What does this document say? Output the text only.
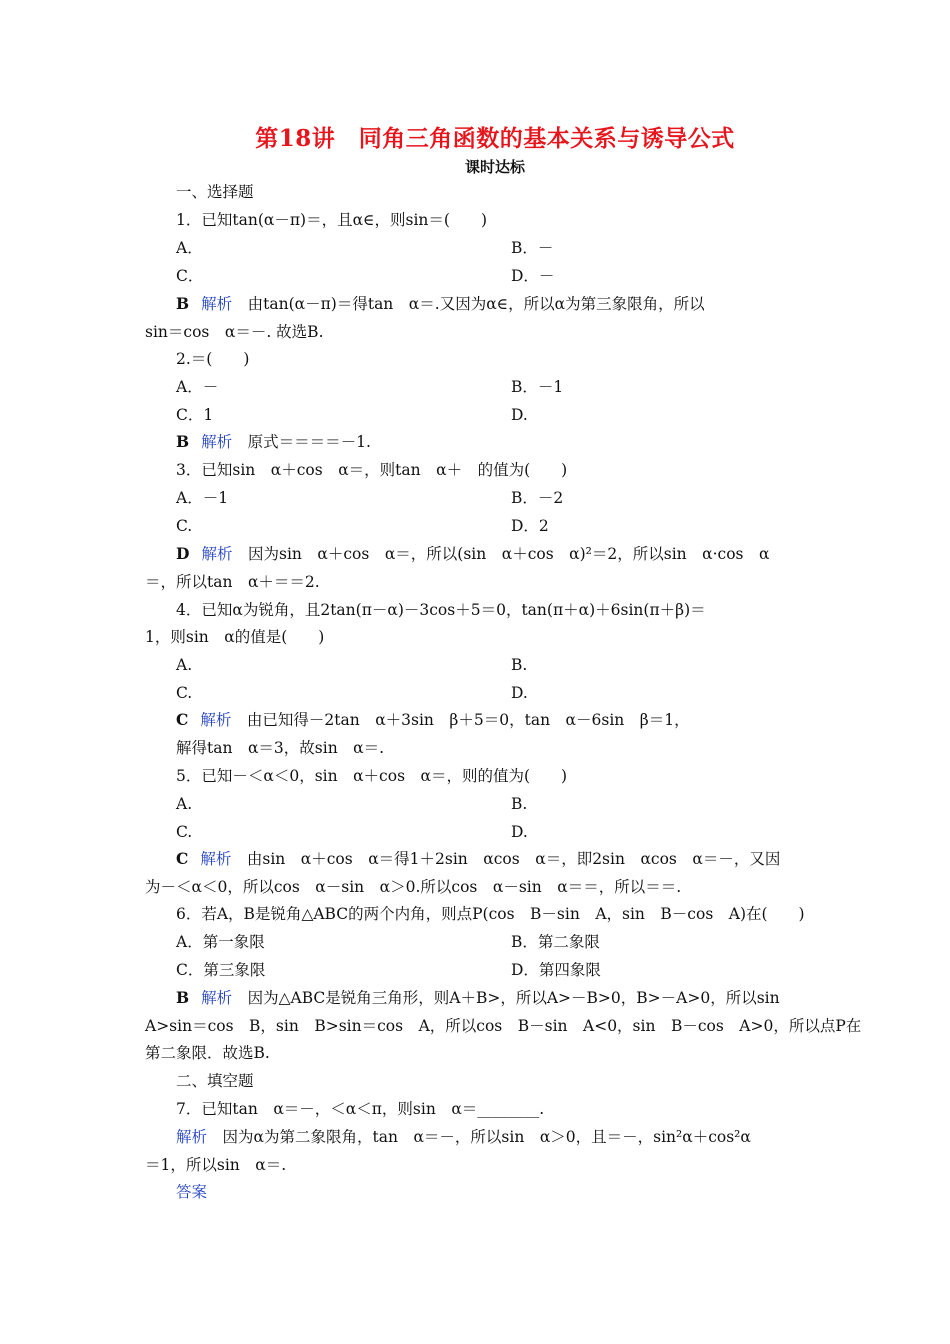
第18讲　同角三角函数的基本关系与诱导公式
课时达标
一、选择题
1．已知tan(α－π)＝，且α∈，则sin＝(　　)
A．	B．－
C．	D．－
B 解析　 由tan(α－π)＝得tan　α＝.又因为α∈，所以α为第三象限角，所以
sin＝cos　α＝－. 故选B.
2.＝(　　)
A．－	B．－1
C．1	D.
B 解析　 原式＝＝＝＝－1.
3．已知sin　α＋cos　α＝，则tan　α＋　的值为(　　)
A．－1	B．－2
C.	D．2
D 解析　 因为sin　α＋cos　α＝，所以(sin　α＋cos　α)²＝2，所以sin　α·cos　α
＝，所以tan　α＋＝＝2.
4．已知α为锐角，且2tan(π－α)－3cos＋5＝0，tan(π＋α)＋6sin(π＋β)＝
1，则sin　α的值是(　　)
A.	B.
C.	D.
C 解析　 由已知得－2tan　α＋3sin　β＋5＝0，tan　α－6sin　β＝1，
解得tan　α＝3，故sin　α＝.
5．已知－＜α＜0，sin　α＋cos　α＝，则的值为(　　)
A.	B.
C.	D.
C 解析　 由sin　α＋cos　α＝得1＋2sin　αcos　α＝，即2sin　αcos　α＝－，又因
为－＜α＜0，所以cos　α－sin　α＞0.所以cos　α－sin　α＝＝，所以＝＝.
6．若A，B是锐角△ABC的两个内角，则点P(cos　B－sin　A，sin　B－cos　A)在(　　)
A．第一象限	B．第二象限
C．第三象限	D．第四象限
B 解析　 因为△ABC是锐角三角形，则A＋B>，所以A>－B>0，B>－A>0，所以sin
A>sin＝cos　B，sin　B>sin＝cos　A，所以cos　B－sin　A<0，sin　B－cos　A>0，所以点P在
第二象限．故选B.
二、填空题
7．已知tan　α＝－，＜α＜π，则sin　α＝________.
解析　 因为α为第二象限角，tan　α＝－，所以sin　α＞0，且＝－，sin²α＋cos²α
＝1，所以sin　α＝.
答案
